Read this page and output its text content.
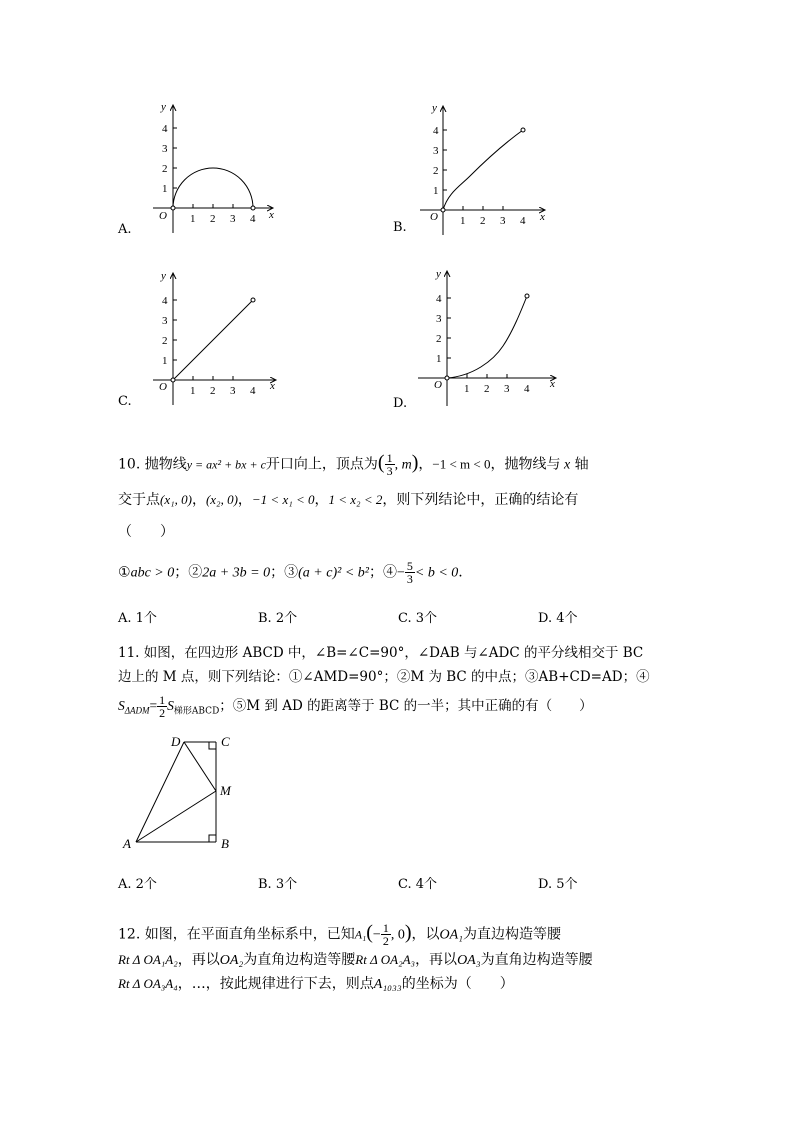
1
2
3
4
1 2 3 4
O
y
x
A.
1
2
3
4
1 2 3 4
O
y
x
B.
1
2
3
4
1 2 3 4
O
y
x
C.
1
2
3
4
1 2 3 4
O
y
x
D.
10. 抛物线y = ax² + bx + c开口向上，顶点为( $\frac{1}{3}$ , m)，−1 < m < 0，抛物线与 x 轴
交于点(x₁, 0)，(x₂, 0)，−1 < x₁ < 0，1 < x₂ < 2，则下列结论中，正确的结论有
（　　）
①abc > 0；②2a + 3b = 0；③(a + c)² < b²；④− $\frac{5}{3} < b < 0$.
A. 1个	B. 2个	C. 3个	D. 4个
11. 如图，在四边形 ABCD 中，∠B=∠C=90°，∠DAB 与∠ADC 的平分线相交于 BC
边上的 M 点，则下列结论：①∠AMD=90°；②M 为 BC 的中点；③AB+CD=AD；④
$S_{\Delta ADM}= \frac{1}{2} S_{梯形ABCD}$；⑤M 到 AD 的距离等于 BC 的一半；其中正确的有（　　）
D	C
M
A	B
A. 2个	B. 3个	C. 4个	D. 5个
12. 如图，在平面直角坐标系中，已知$A_1(- \frac{1}{2}$ , 0)，以OA₁为直边构造等腰
Rt Δ OA₁A₂，再以OA₂为直角边构造等腰Rt Δ OA₂A₃，再以OA₃为直角边构造等腰
Rt Δ OA₃A₄，…，按此规律进行下去，则点A₁₀₃₃的坐标为（　　）
